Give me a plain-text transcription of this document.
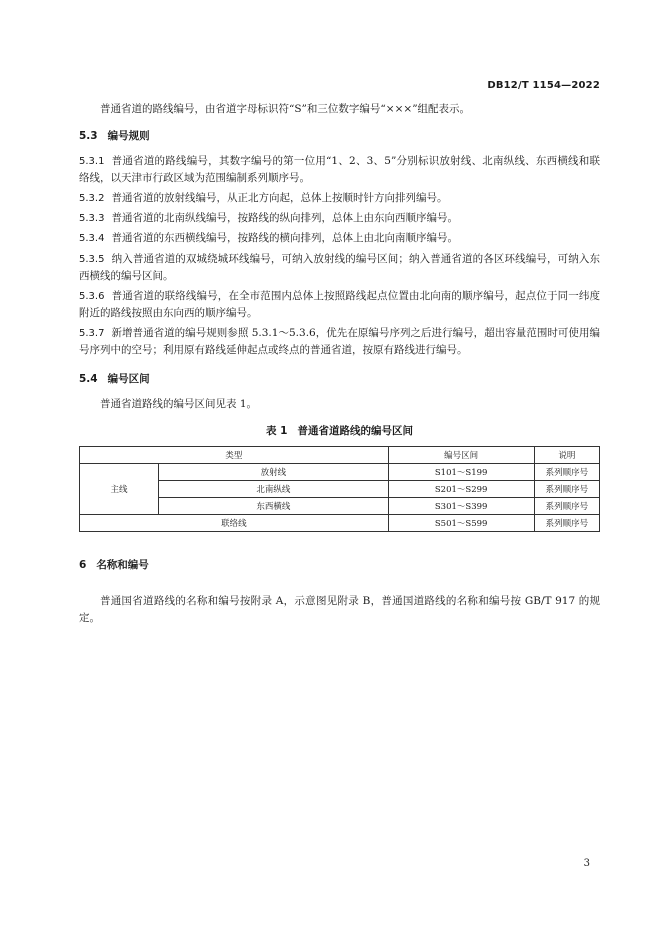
DB12/T 1154—2022
普通省道的路线编号，由省道字母标识符“S”和三位数字编号“×××”组配表示。
5.3 编号规则
5.3.1 普通省道的路线编号，其数字编号的第一位用“1、2、3、5”分别标识放射线、北南纵线、东西横线和联络线，以天津市行政区域为范围编制系列顺序号。
5.3.2 普通省道的放射线编号，从正北方向起，总体上按顺时针方向排列编号。
5.3.3 普通省道的北南纵线编号，按路线的纵向排列，总体上由东向西顺序编号。
5.3.4 普通省道的东西横线编号，按路线的横向排列，总体上由北向南顺序编号。
5.3.5 纳入普通省道的双城绕城环线编号，可纳入放射线的编号区间；纳入普通省道的各区环线编号，可纳入东西横线的编号区间。
5.3.6 普通省道的联络线编号，在全市范围内总体上按照路线起点位置由北向南的顺序编号，起点位于同一纬度附近的路线按照由东向西的顺序编号。
5.3.7 新增普通省道的编号规则参照 5.3.1～5.3.6，优先在原编号序列之后进行编号，超出容量范围时可使用编号序列中的空号；利用原有路线延伸起点或终点的普通省道，按原有路线进行编号。
5.4 编号区间
普通省道路线的编号区间见表 1。
表 1 普通省道路线的编号区间
类型		编号区间	说明
主线	放射线	S101～S199	系列顺序号
	北南纵线	S201～S299	系列顺序号
	东西横线	S301～S399	系列顺序号
联络线		S501～S599	系列顺序号
6 名称和编号
普通国省道路线的名称和编号按附录 A，示意图见附录 B，普通国道路线的名称和编号按 GB/T 917 的规定。
3
